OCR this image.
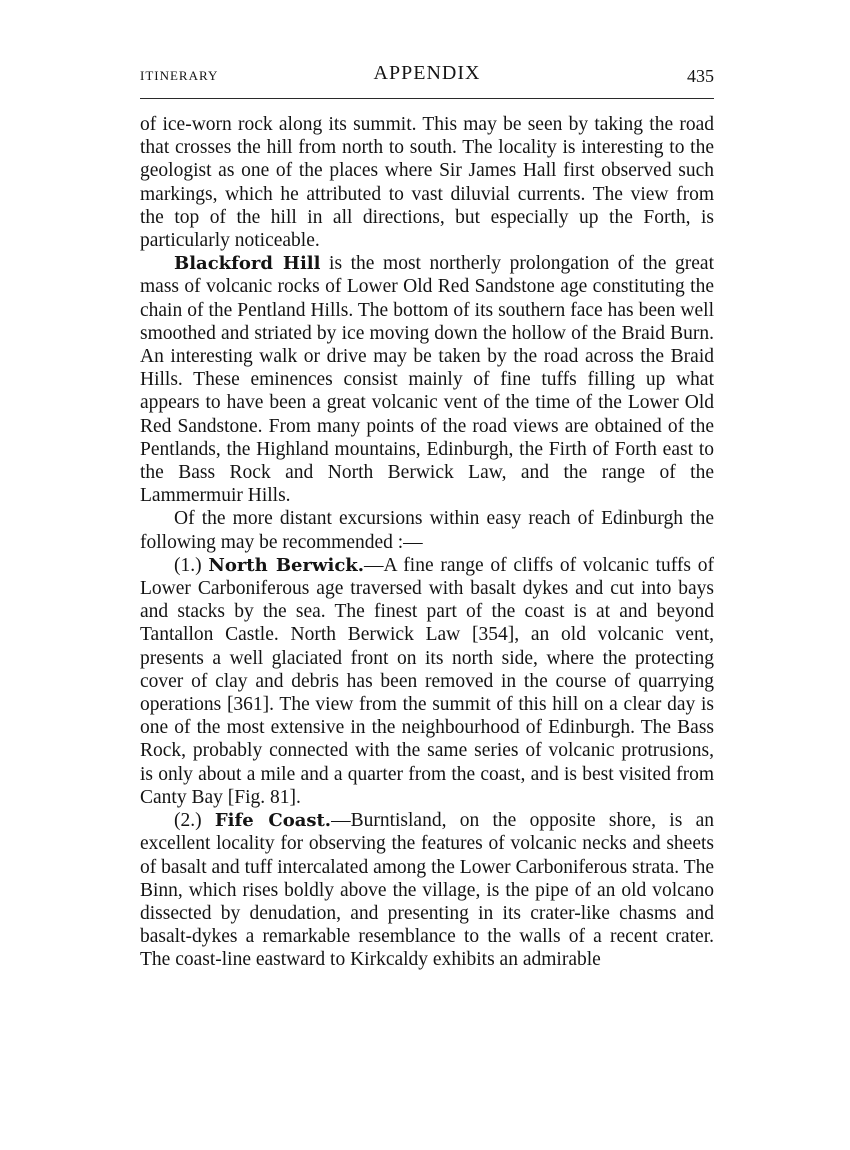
ITINERARY	APPENDIX	435

of ice-worn rock along its summit. This may be seen by taking the road that crosses the hill from north to south. The locality is interesting to the geologist as one of the places where Sir James Hall first observed such markings, which he attributed to vast diluvial currents. The view from the top of the hill in all directions, but especially up the Forth, is particularly noticeable.

Blackford Hill is the most northerly prolongation of the great mass of volcanic rocks of Lower Old Red Sandstone age constituting the chain of the Pentland Hills. The bottom of its southern face has been well smoothed and striated by ice moving down the hollow of the Braid Burn. An interesting walk or drive may be taken by the road across the Braid Hills. These eminences consist mainly of fine tuffs filling up what appears to have been a great volcanic vent of the time of the Lower Old Red Sandstone. From many points of the road views are obtained of the Pentlands, the Highland mountains, Edinburgh, the Firth of Forth east to the Bass Rock and North Berwick Law, and the range of the Lammermuir Hills.

Of the more distant excursions within easy reach of Edinburgh the following may be recommended :—

(1.) North Berwick.—A fine range of cliffs of volcanic tuffs of Lower Carboniferous age traversed with basalt dykes and cut into bays and stacks by the sea. The finest part of the coast is at and beyond Tantallon Castle. North Berwick Law [354], an old volcanic vent, presents a well glaciated front on its north side, where the protecting cover of clay and debris has been removed in the course of quarrying operations [361]. The view from the summit of this hill on a clear day is one of the most extensive in the neighbourhood of Edinburgh. The Bass Rock, probably connected with the same series of volcanic protrusions, is only about a mile and a quarter from the coast, and is best visited from Canty Bay [Fig. 81].

(2.) Fife Coast.—Burntisland, on the opposite shore, is an excellent locality for observing the features of volcanic necks and sheets of basalt and tuff intercalated among the Lower Carboniferous strata. The Binn, which rises boldly above the village, is the pipe of an old volcano dissected by denudation, and presenting in its crater-like chasms and basalt-dykes a remarkable resemblance to the walls of a recent crater. The coast-line eastward to Kirkcaldy exhibits an admirable
